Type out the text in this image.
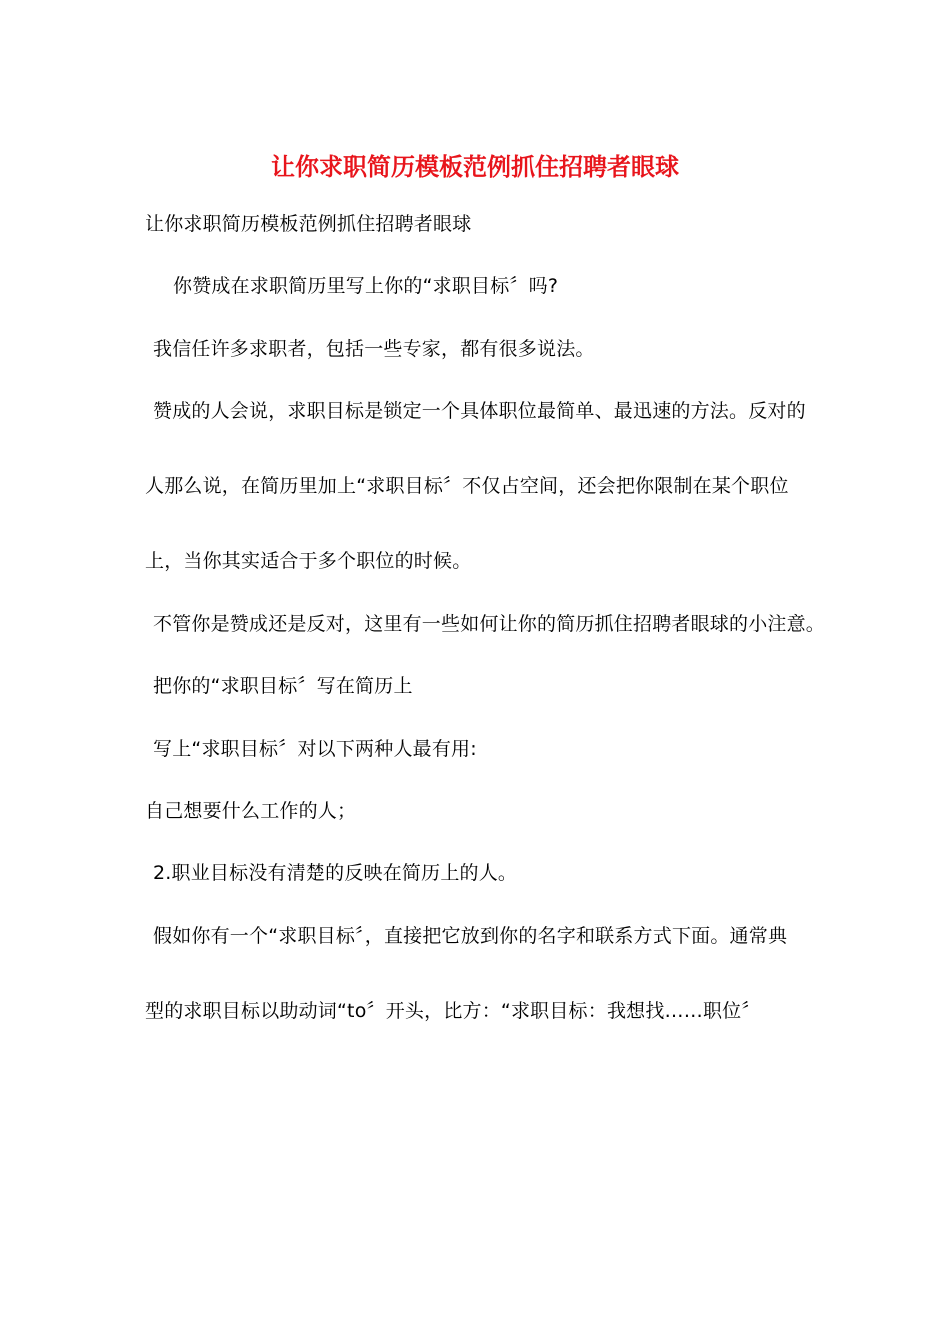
让你求职简历模板范例抓住招聘者眼球

让你求职简历模板范例抓住招聘者眼球

你赞成在求职简历里写上你的“求职目标〞吗?

我信任许多求职者，包括一些专家，都有很多说法。

赞成的人会说，求职目标是锁定一个具体职位最简单、最迅速的方法。反对的

人那么说，在简历里加上“求职目标〞不仅占空间，还会把你限制在某个职位

上，当你其实适合于多个职位的时候。

不管你是赞成还是反对，这里有一些如何让你的简历抓住招聘者眼球的小注意。

把你的“求职目标〞写在简历上

写上“求职目标〞对以下两种人最有用:

自己想要什么工作的人；

2.职业目标没有清楚的反映在简历上的人。

假如你有一个“求职目标〞，直接把它放到你的名字和联系方式下面。通常典

型的求职目标以助动词“to〞开头，比方：“求职目标：我想找……职位〞
